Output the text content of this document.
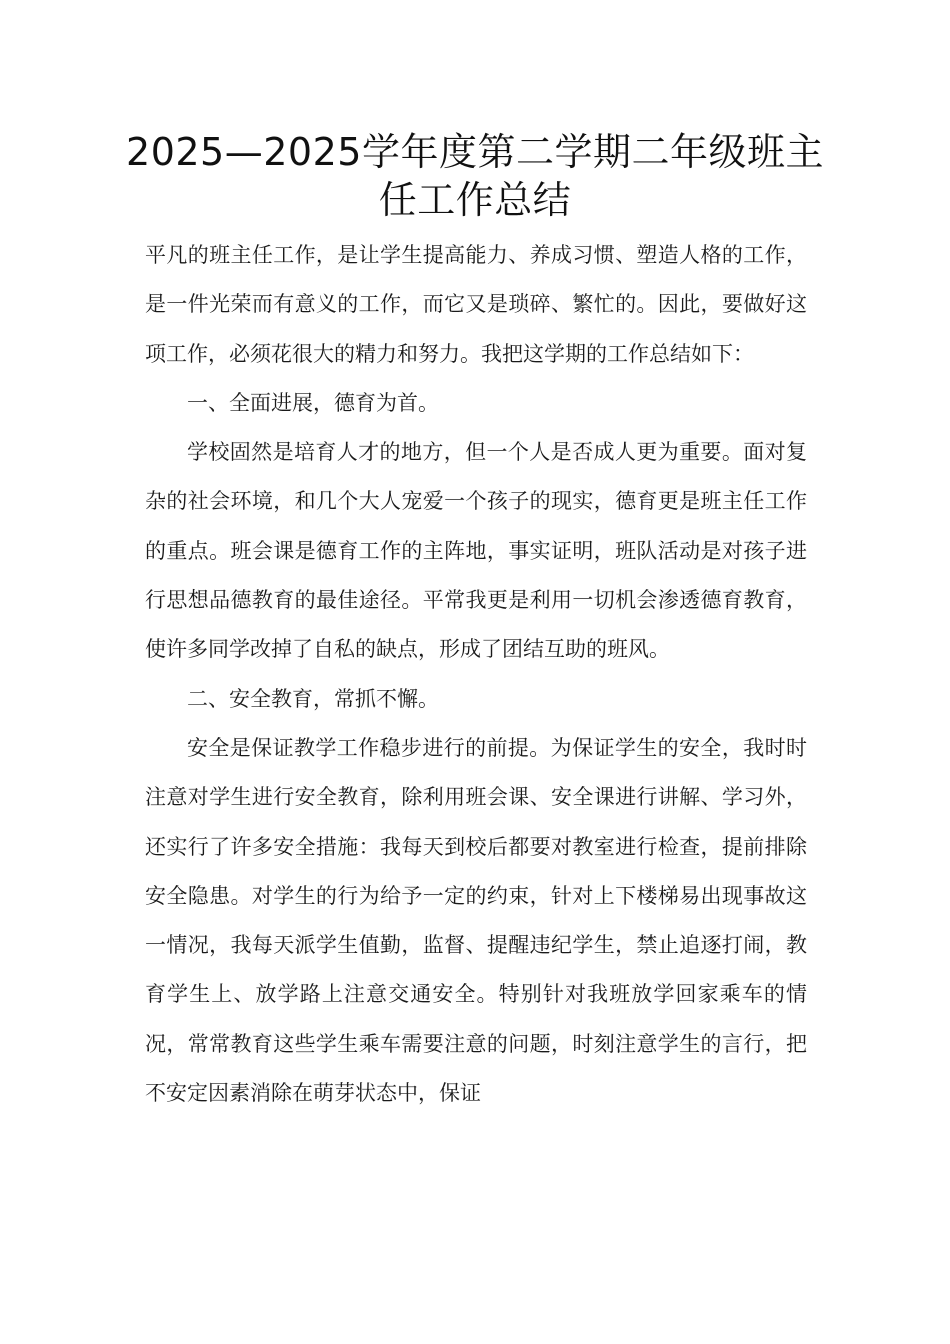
2025—2025学年度第二学期二年级班主任工作总结

平凡的班主任工作，是让学生提高能力、养成习惯、塑造人格的工作，是一件光荣而有意义的工作，而它又是琐碎、繁忙的。因此，要做好这项工作，必须花很大的精力和努力。我把这学期的工作总结如下：

一、全面进展，德育为首。

学校固然是培育人才的地方，但一个人是否成人更为重要。面对复杂的社会环境，和几个大人宠爱一个孩子的现实，德育更是班主任工作的重点。班会课是德育工作的主阵地，事实证明，班队活动是对孩子进行思想品德教育的最佳途径。平常我更是利用一切机会渗透德育教育，使许多同学改掉了自私的缺点，形成了团结互助的班风。

二、安全教育，常抓不懈。

安全是保证教学工作稳步进行的前提。为保证学生的安全，我时时注意对学生进行安全教育，除利用班会课、安全课进行讲解、学习外，还实行了许多安全措施：我每天到校后都要对教室进行检查，提前排除安全隐患。对学生的行为给予一定的约束，针对上下楼梯易出现事故这一情况，我每天派学生值勤，监督、提醒违纪学生，禁止追逐打闹，教育学生上、放学路上注意交通安全。特别针对我班放学回家乘车的情况，常常教育这些学生乘车需要注意的问题，时刻注意学生的言行，把不安定因素消除在萌芽状态中，保证
